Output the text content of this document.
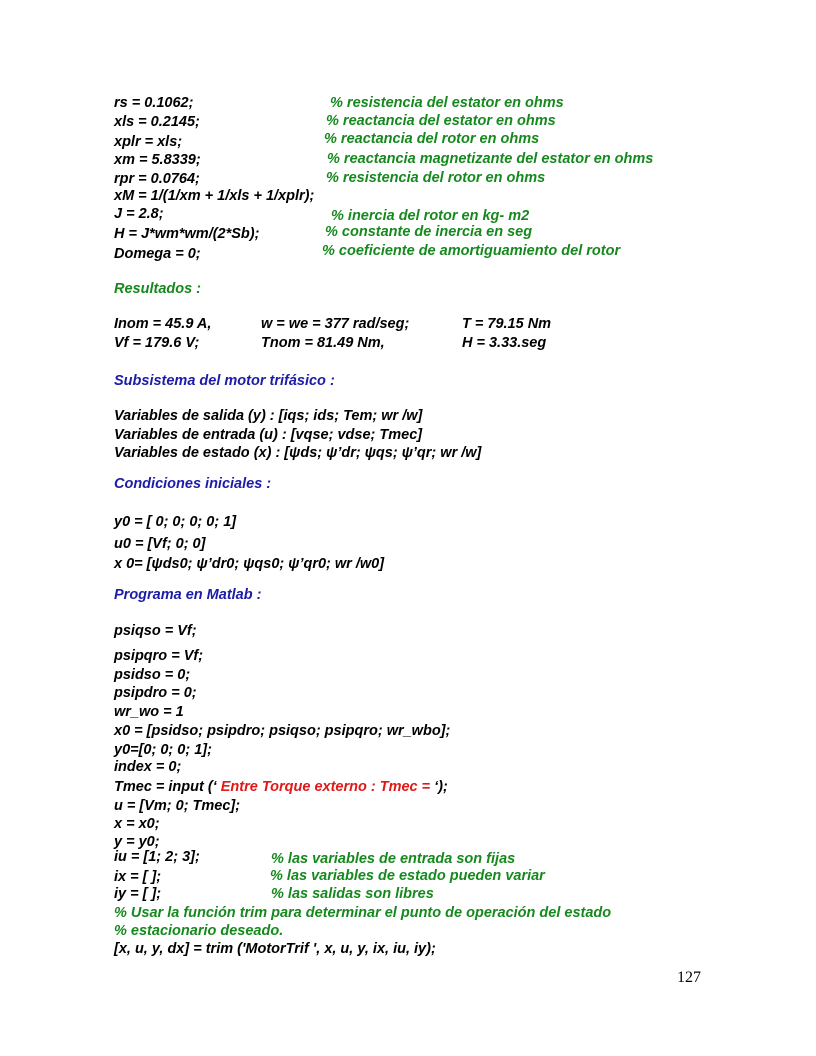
rs = 0.1062;	% resistencia del estator en ohms
xls = 0.2145;	% reactancia del estator en ohms
xplr = xls;	% reactancia del rotor en ohms
xm = 5.8339;	% reactancia magnetizante del estator en ohms
rpr = 0.0764;	% resistencia del rotor en ohms
xM = 1/(1/xm + 1/xls + 1/xplr);
J = 2.8;	% inercia del rotor en kg- m2
H = J*wm*wm/(2*Sb);	% constante de inercia en seg
Domega = 0;	% coeficiente de amortiguamiento del rotor
Resultados :
Inom = 45.9 A,	w = we = 377 rad/seg;	T = 79.15 Nm
Vf = 179.6 V;	Tnom = 81.49 Nm,	H = 3.33.seg
Subsistema del motor trifásico :
Variables de salida (y) : [iqs; ids; Tem; wr /w]
Variables de entrada (u) : [vqse; vdse; Tmec]
Variables de estado (x) : [ψds; ψ’dr; ψqs; ψ’qr; wr /w]
Condiciones iniciales :
y0 = [ 0; 0; 0; 0; 1]
u0 = [Vf; 0; 0]
x 0= [ψds0; ψ’dr0; ψqs0; ψ’qr0; wr /w0]
Programa en Matlab :
psiqso = Vf;
psipqro = Vf;
psidso = 0;
psipdro = 0;
wr_wo = 1
x0 = [psidso; psipdro; psiqso; psipqro; wr_wbo];
y0=[0; 0; 0; 1];
index = 0;
Tmec = input (‘ Entre Torque externo : Tmec = ‘);
u = [Vm; 0; Tmec];
x = x0;
y = y0;
iu = [1; 2; 3];	% las variables de entrada son fijas
ix = [ ];	% las variables de estado pueden variar
iy = [ ];	% las salidas son libres
% Usar la función trim para determinar el punto de operación del estado
% estacionario deseado.
[x, u, y, dx] = trim ('MotorTrif ', x, u, y, ix, iu, iy);
127
